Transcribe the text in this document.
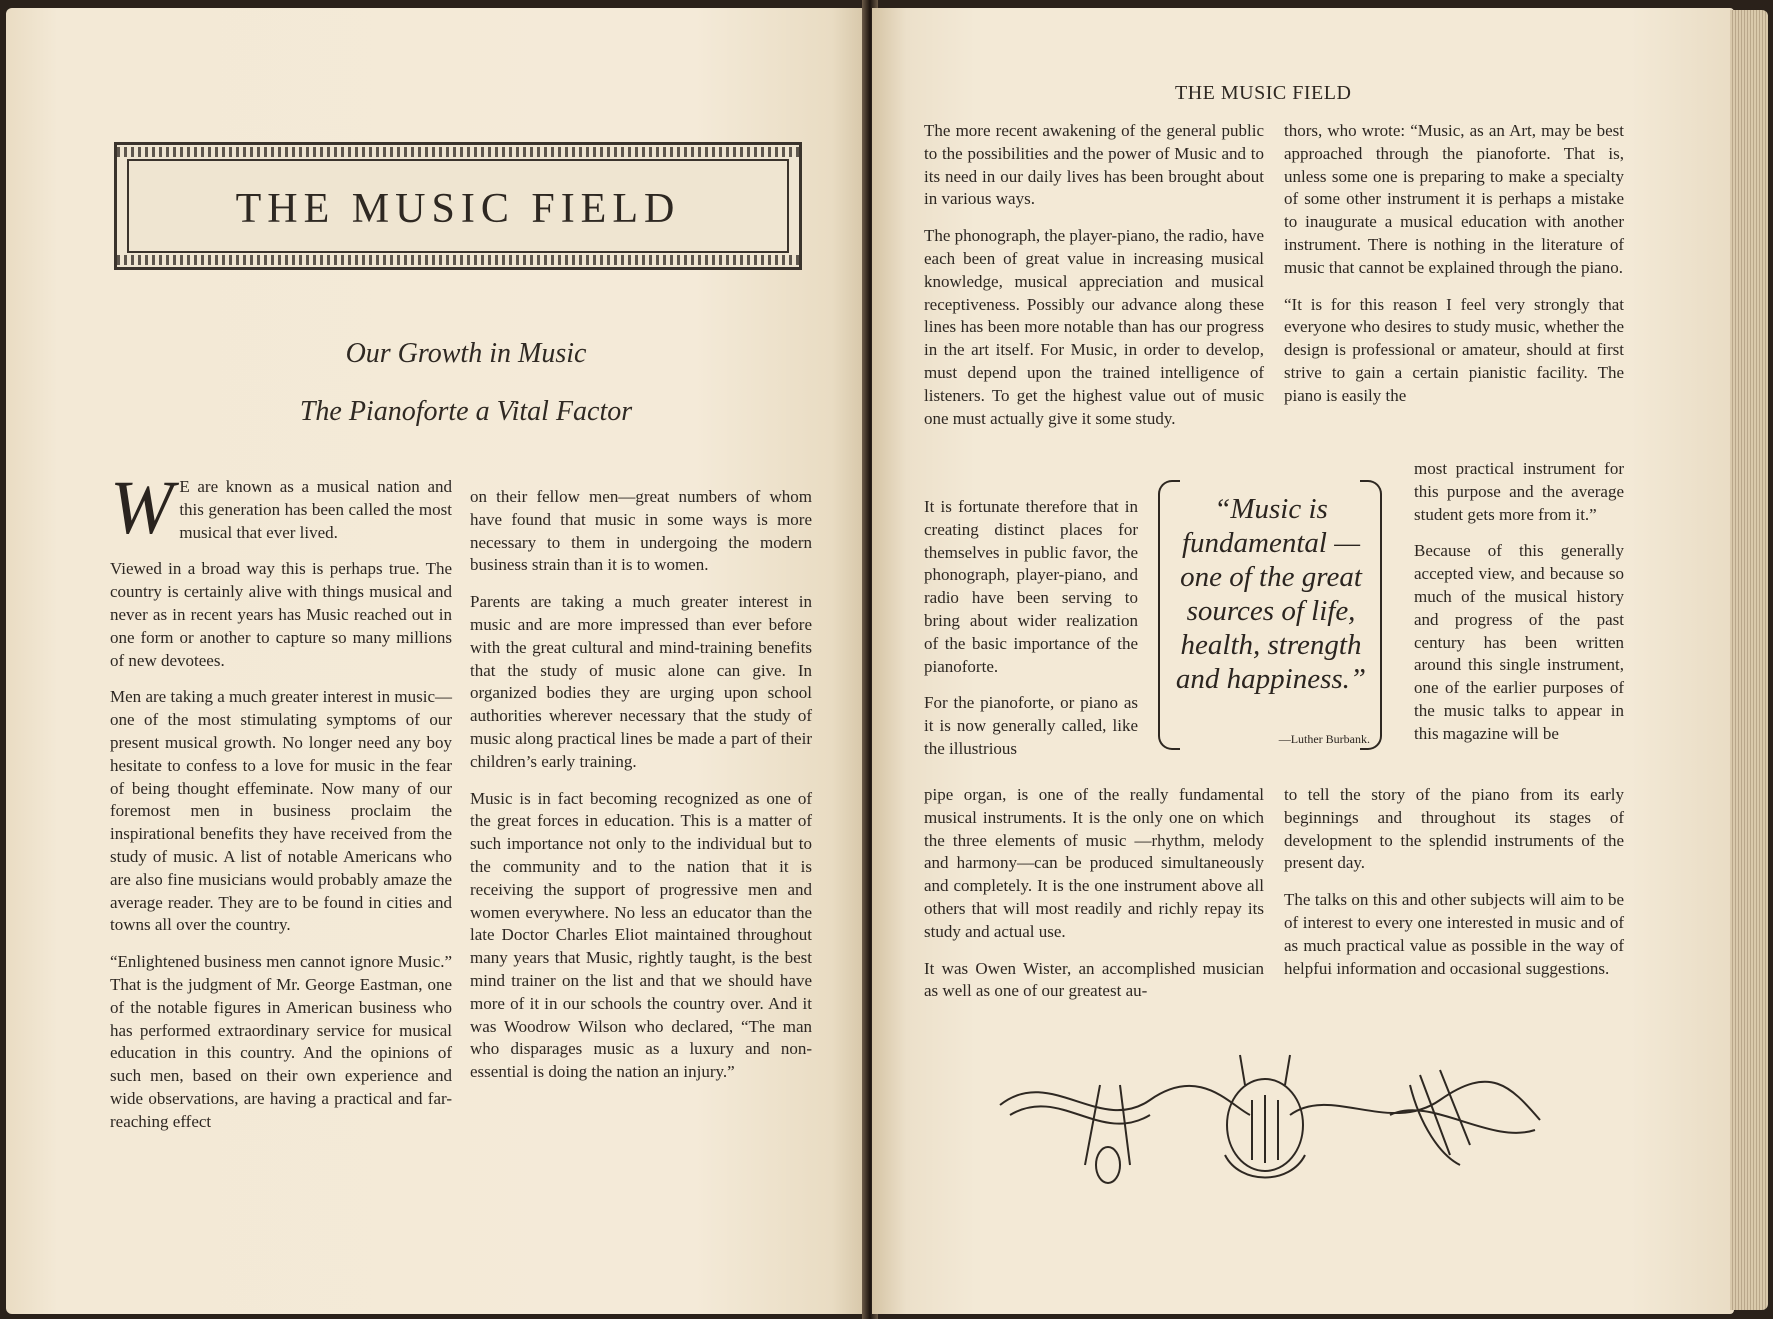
THE MUSIC FIELD
Our Growth in Music
The Pianoforte a Vital Factor

W E are known as a musical nation and this generation has been called the most musical that ever lived.

Viewed in a broad way this is perhaps true. The country is certainly alive with things musical and never as in recent years has Music reached out in one form or another to capture so many millions of new devotees.

Men are taking a much greater interest in music—one of the most stimulating symptoms of our present musical growth. No longer need any boy hesitate to confess to a love for music in the fear of being thought effeminate. Now many of our foremost men in business proclaim the inspirational benefits they have received from the study of music. A list of notable Americans who are also fine musicians would probably amaze the average reader. They are to be found in cities and towns all over the country.

“Enlightened business men cannot ignore Music.” That is the judgment of Mr. George Eastman, one of the notable figures in American business who has performed extraordinary service for musical education in this country. And the opinions of such men, based on their own experience and wide observations, are having a practical and far-reaching effect

on their fellow men—great numbers of whom have found that music in some ways is more necessary to them in undergoing the modern business strain than it is to women.

Parents are taking a much greater interest in music and are more impressed than ever before with the great cultural and mind-training benefits that the study of music alone can give. In organized bodies they are urging upon school authorities wherever necessary that the study of music along practical lines be made a part of their children’s early training.

Music is in fact becoming recognized as one of the great forces in education. This is a matter of such importance not only to the individual but to the community and to the nation that it is receiving the support of progressive men and women everywhere. No less an educator than the late Doctor Charles Eliot maintained throughout many years that Music, rightly taught, is the best mind trainer on the list and that we should have more of it in our schools the country over. And it was Woodrow Wilson who declared, “The man who disparages music as a luxury and non-essential is doing the nation an injury.”

THE MUSIC FIELD

The more recent awakening of the general public to the possibilities and the power of Music and to its need in our daily lives has been brought about in various ways.

The phonograph, the player-piano, the radio, have each been of great value in increasing musical knowledge, musical appreciation and musical receptiveness. Possibly our advance along these lines has been more notable than has our progress in the art itself. For Music, in order to develop, must depend upon the trained intelligence of listeners. To get the highest value out of music one must actually give it some study.

It is fortunate therefore that in creating distinct places for themselves in public favor, the phonograph, player-piano, and radio have been serving to bring about wider realization of the basic importance of the pianoforte.

For the pianoforte, or piano as it is now generally called, like the illustrious

pipe organ, is one of the really fundamental musical instruments. It is the only one on which the three elements of music —rhythm, melody and harmony—can be produced simultaneously and completely. It is the one instrument above all others that will most readily and richly repay its study and actual use.

It was Owen Wister, an accomplished musician as well as one of our greatest au-

thors, who wrote: “Music, as an Art, may be best approached through the pianoforte. That is, unless some one is preparing to make a specialty of some other instrument it is perhaps a mistake to inaugurate a musical education with another instrument. There is nothing in the literature of music that cannot be explained through the piano.

“It is for this reason I feel very strongly that everyone who desires to study music, whether the design is professional or amateur, should at first strive to gain a certain pianistic facility. The piano is easily the

most practical instrument for this purpose and the average student gets more from it.”

Because of this generally accepted view, and because so much of the musical history and progress of the past century has been written around this single instrument, one of the earlier purposes of the music talks to appear in this magazine will be

to tell the story of the piano from its early beginnings and throughout its stages of development to the splendid instruments of the present day.

The talks on this and other subjects will aim to be of interest to every one interested in music and of as much practical value as possible in the way of helpfui information and occasional suggestions.

“Music is fundamental — one of the great sources of life, health, strength and happiness.”
—Luther Burbank.
